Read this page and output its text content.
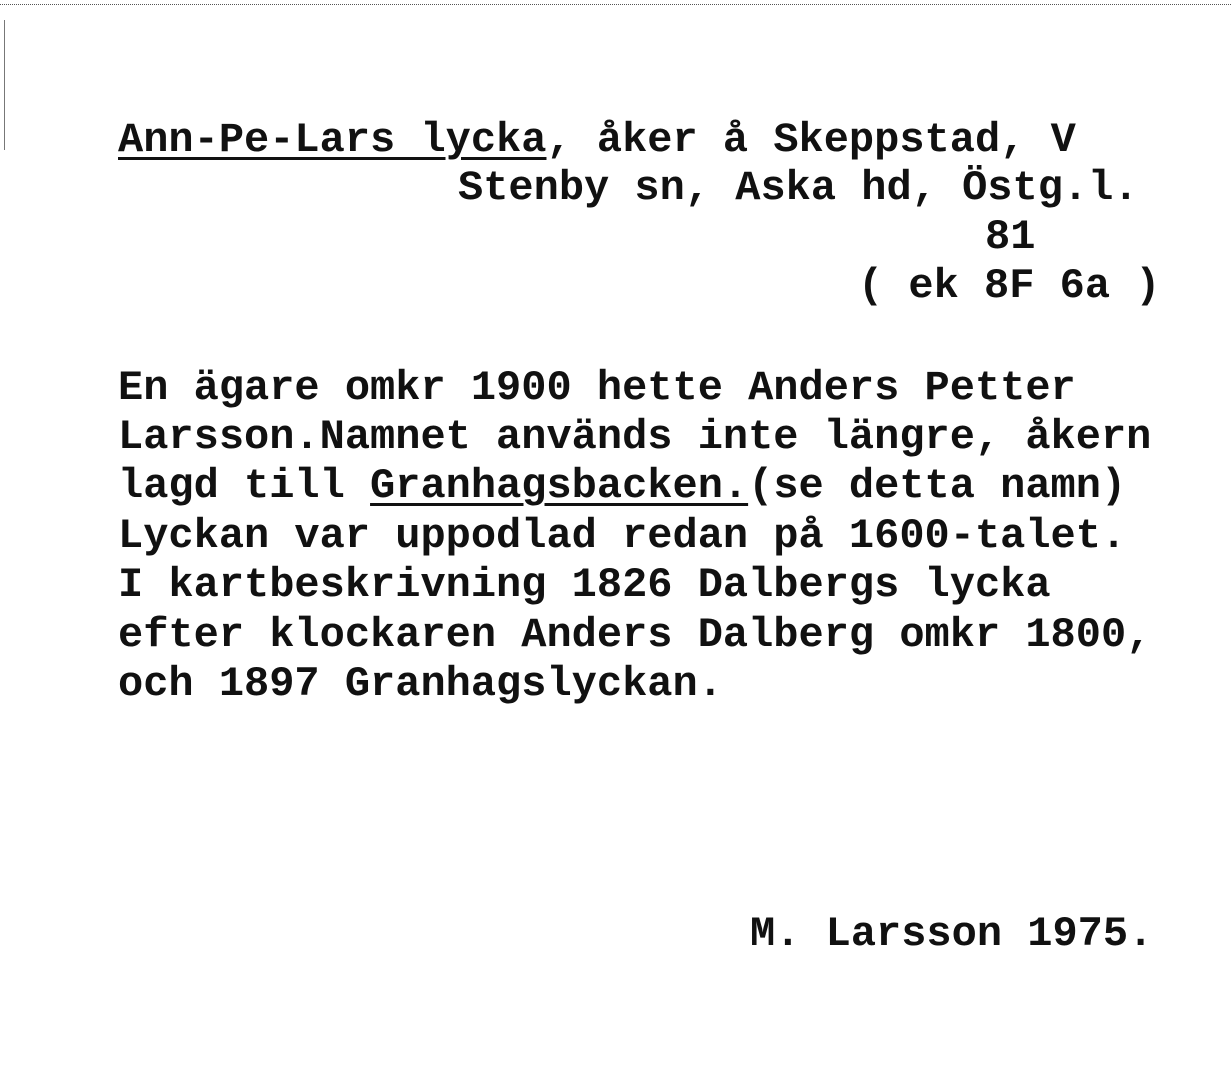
Ann-Pe-Lars lycka, åker å Skeppstad, V
Stenby sn, Aska hd, Östg.l.
81
( ek 8F 6a )
En ägare omkr 1900 hette Anders Petter
Larsson.Namnet används inte längre, åkern
lagd till Granhagsbacken.(se detta namn)
Lyckan var uppodlad redan på 1600-talet.
I kartbeskrivning 1826 Dalbergs lycka
efter klockaren Anders Dalberg omkr 1800,
och 1897 Granhagslyckan.
M. Larsson 1975.
